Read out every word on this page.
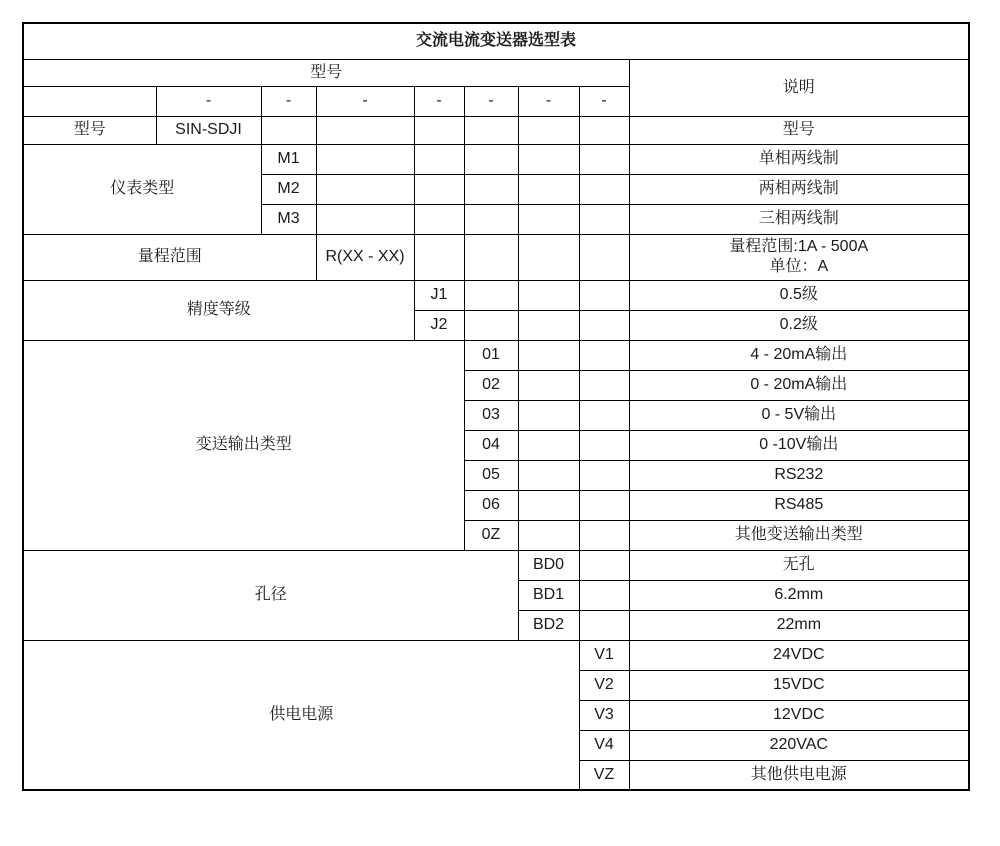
交流电流变送器选型表								
型号								说明
	-	-	-	-	-	-	-	
型号	SIN-SDJI							型号
仪表类型		M1						单相两线制
		M2						两相两线制
		M3						三相两线制
量程范围			R(XX - XX)					量程范围:1A - 500A
单位：A

精度等级				J1				0.5级
				J2				0.2级
变送输出类型					01			4 - 20mA输出
					02			0 - 20mA输出
					03			0 - 5V输出
					04			0 -10V输出
					05			RS232
					06			RS485
					0Z			其他变送输出类型
孔径						BD0		无孔
						BD1		6.2mm
						BD2		22mm
供电电源							V1	24VDC
							V2	15VDC
							V3	12VDC
							V4	220VAC
							VZ	其他供电电源
